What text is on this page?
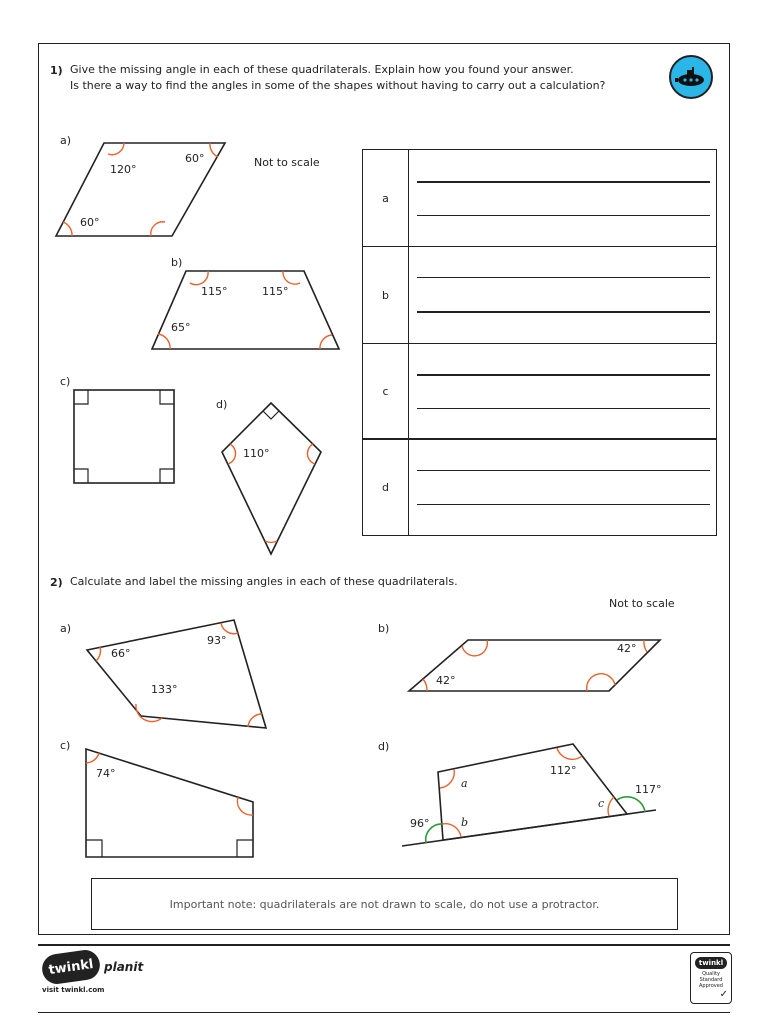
1) Give the missing angle in each of these quadrilaterals. Explain how you found your answer.
Is there a way to find the angles in some of the shapes without having to carry out a calculation?
Not to scale
a
b
c
d
2) Calculate and label the missing angles in each of these quadrilaterals.
Not to scale
a)
120°
60°
60°
b)
115°	115°
65°
c)
d)
110°
a)
66°
93°
133°
b)
42°
42°
c)
74°
d)
112°
117°
96°
a
b
c
Important note: quadrilaterals are not drawn to scale, do not use a protractor.
twinkl planit
visit twinkl.com
twinkl
Quality Standard
Approved
✓
